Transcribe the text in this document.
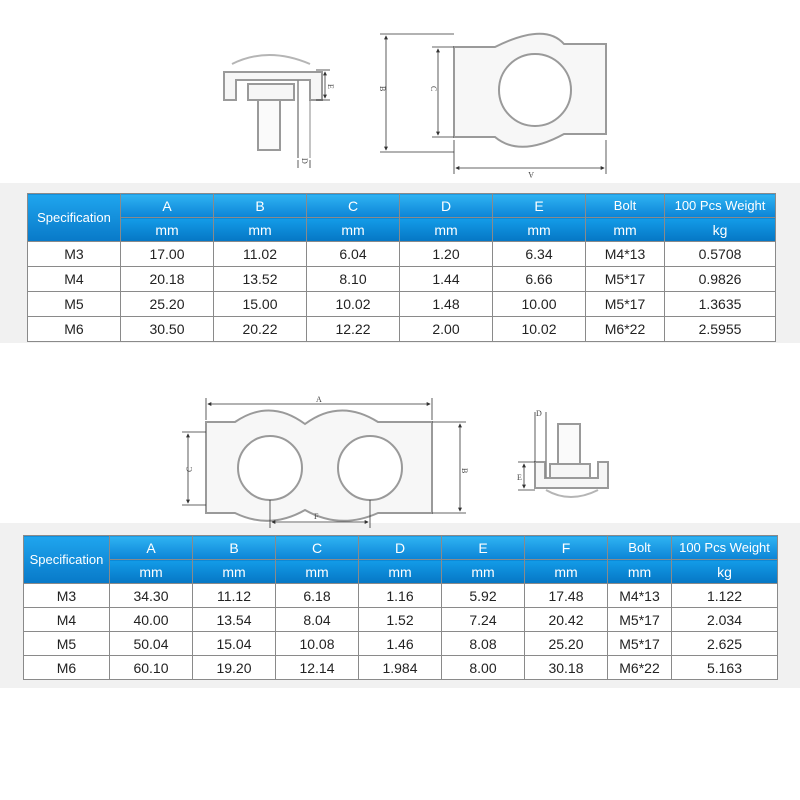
E
D
B	C
A
A
C	B
F
D
E
Specification	A	B	C	D	E	Bolt	100 Pcs Weight
	mm	mm	mm	mm	mm	mm	kg
M3	17.00	11.02	6.04	1.20	6.34	M4*13	0.5708
M4	20.18	13.52	8.10	1.44	6.66	M5*17	0.9826
M5	25.20	15.00	10.02	1.48	10.00	M5*17	1.3635
M6	30.50	20.22	12.22	2.00	10.02	M6*22	2.5955
Specification	A	B	C	D	E	F	Bolt	100 Pcs Weight
	mm	mm	mm	mm	mm	mm	mm	kg
M3	34.30	11.12	6.18	1.16	5.92	17.48	M4*13	1.122
M4	40.00	13.54	8.04	1.52	7.24	20.42	M5*17	2.034
M5	50.04	15.04	10.08	1.46	8.08	25.20	M5*17	2.625
M6	60.10	19.20	12.14	1.984	8.00	30.18	M6*22	5.163
